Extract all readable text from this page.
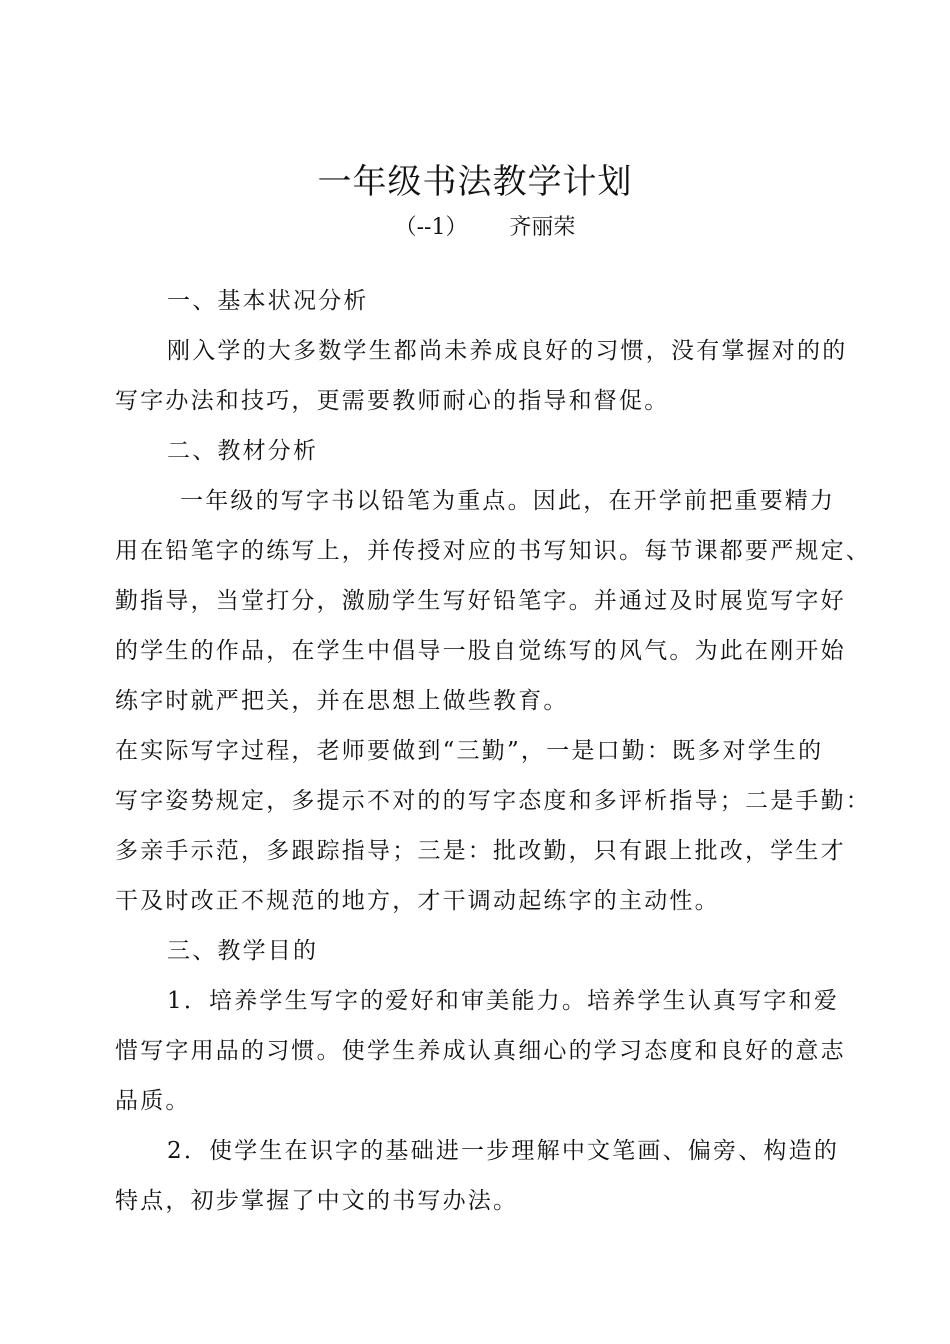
一年级书法教学计划
（--1）      齐丽荣
一、基本状况分析
刚入学的大多数学生都尚未养成良好的习惯，没有掌握对的的
写字办法和技巧，更需要教师耐心的指导和督促。
二、教材分析
一年级的写字书以铅笔为重点。因此，在开学前把重要精力
用在铅笔字的练写上，并传授对应的书写知识。每节课都要严规定、
勤指导，当堂打分，激励学生写好铅笔字。并通过及时展览写字好
的学生的作品，在学生中倡导一股自觉练写的风气。为此在刚开始
练字时就严把关，并在思想上做些教育。
在实际写字过程，老师要做到“三勤”，一是口勤：既多对学生的
写字姿势规定，多提示不对的的写字态度和多评析指导；二是手勤：
多亲手示范，多跟踪指导；三是：批改勤，只有跟上批改，学生才
干及时改正不规范的地方，才干调动起练字的主动性。
三、教学目的
1．培养学生写字的爱好和审美能力。培养学生认真写字和爱
惜写字用品的习惯。使学生养成认真细心的学习态度和良好的意志
品质。
2．使学生在识字的基础进一步理解中文笔画、偏旁、构造的
特点，初步掌握了中文的书写办法。
